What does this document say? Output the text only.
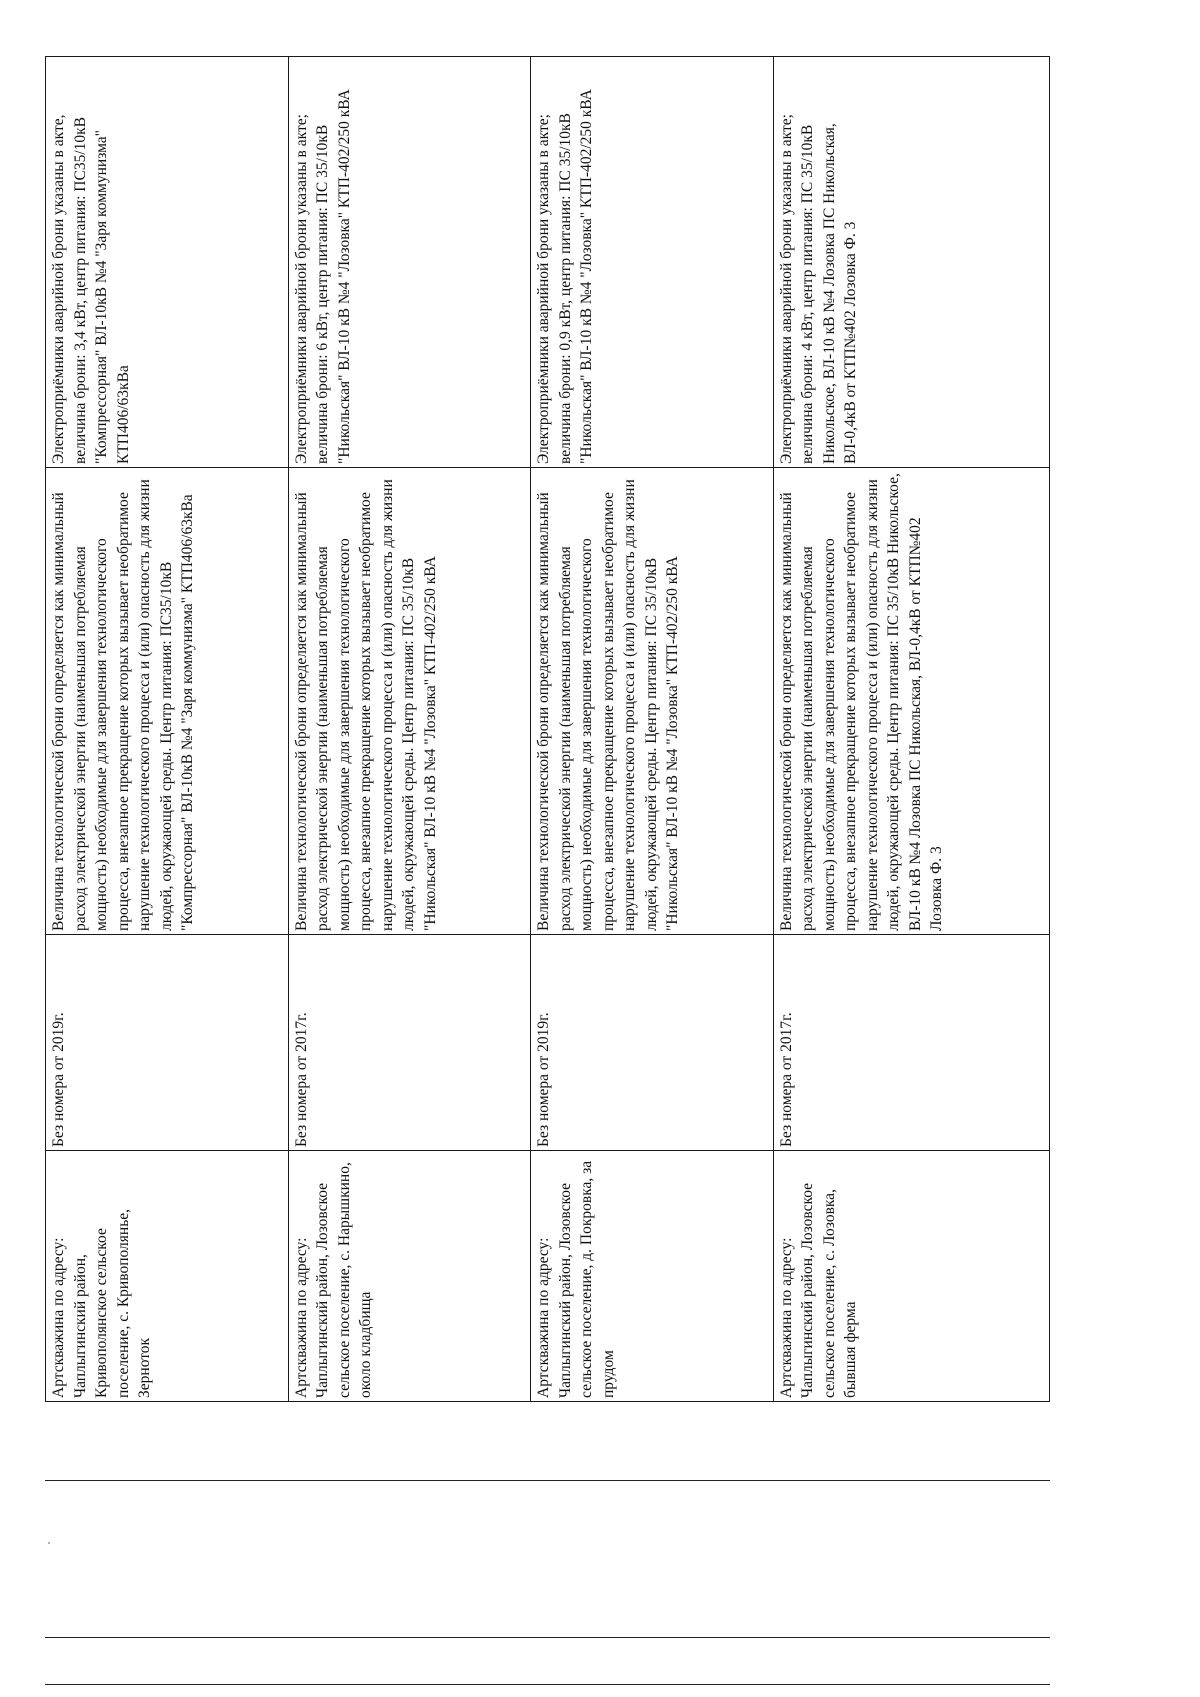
Артскважина по адресу: Чаплыгинский район, Кривополянское сельское поселение, с. Кривополянье, Зерноток	Без номера от 2019г.	Величина технологической брони определяется как минимальный расход электрической энергии (наименьшая потребляемая мощность) необходимые для завершения технологического процесса, внезапное прекращение которых вызывает необратимое нарушение технологического процесса и (или) опасность для жизни людей, окружающей среды. Центр питания: ПС35/10кВ "Компрессорная" ВЛ-10кВ №4 "Заря коммунизма" КТП406/63кВа	Электроприёмники аварийной брони указаны в акте, величина брони: 3,4 кВт, центр питания: ПС35/10кВ "Компрессорная" ВЛ-10кВ №4 "Заря коммунизма" КТП406/63кВа
Артскважина по адресу: Чаплыгинский район, Лозовское сельское поселение, с. Нарышкино, около кладбища	Без номера от 2017г.	Величина технологической брони определяется как минимальный расход электрической энергии (наименьшая потребляемая мощность) необходимые для завершения технологического процесса, внезапное прекращение которых вызывает необратимое нарушение технологического процесса и (или) опасность для жизни людей, окружающей среды. Центр питания: ПС 35/10кВ "Никольская" ВЛ-10 кВ №4 "Лозовка" КТП-402/250 кВА	Электроприёмники аварийной брони указаны в акте; величина брони: 6 кВт, центр питания: ПС 35/10кВ "Никольская" ВЛ-10 кВ №4 "Лозовка" КТП-402/250 кВА
Артскважина по адресу: Чаплыгинский район, Лозовское сельское поселение, д. Покровка, за прудом	Без номера от 2019г.	Величина технологической брони определяется как минимальный расход электрической энергии (наименьшая потребляемая мощность) необходимые для завершения технологического процесса, внезапное прекращение которых вызывает необратимое нарушение технологического процесса и (или) опасность для жизни людей, окружающей среды. Центр питания: ПС 35/10кВ "Никольская" ВЛ-10 кВ №4 "Лозовка" КТП-402/250 кВА	Электроприёмники аварийной брони указаны в акте; величина брони: 0,9 кВт, центр питания: ПС 35/10кВ "Никольская" ВЛ-10 кВ №4 "Лозовка" КТП-402/250 кВА
Артскважина по адресу: Чаплыгинский район, Лозовское сельское поселение, с. Лозовка, бывшая ферма	Без номера от 2017г.	Величина технологической брони определяется как минимальный расход электрической энергии (наименьшая потребляемая мощность) необходимые для завершения технологического процесса, внезапное прекращение которых вызывает необратимое нарушение технологического процесса и (или) опасность для жизни людей, окружающей среды. Центр питания: ПС 35/10кВ Никольское, ВЛ-10 кВ №4 Лозовка ПС Никольская, ВЛ-0,4кВ от КТП№402 Лозовка Ф. 3	Электроприёмники аварийной брони указаны в акте; величина брони: 4 кВт, центр питания: ПС 35/10кВ Никольское, ВЛ-10 кВ №4 Лозовка ПС Никольская, ВЛ-0,4кВ от КТП№402 Лозовка Ф. 3
